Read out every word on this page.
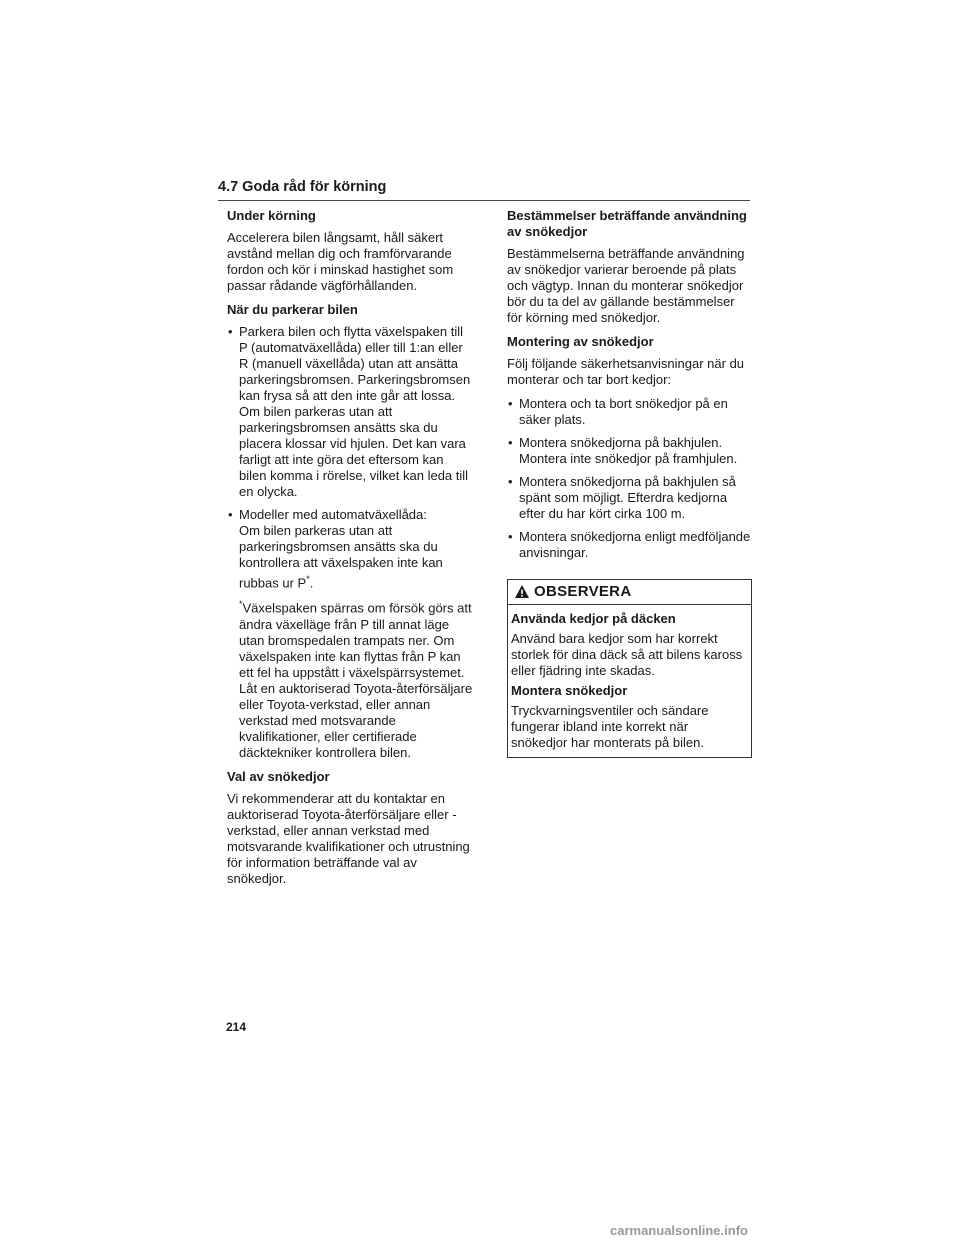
4.7 Goda råd för körning
Under körning
Accelerera bilen långsamt, håll säkert avstånd mellan dig och framförvarande fordon och kör i minskad hastighet som passar rådande vägförhållanden.
När du parkerar bilen
• Parkera bilen och flytta växelspaken till P (automatväxellåda) eller till 1:an eller R (manuell växellåda) utan att ansätta parkeringsbromsen. Parkeringsbromsen kan frysa så att den inte går att lossa. Om bilen parkeras utan att parkeringsbromsen ansätts ska du placera klossar vid hjulen. Det kan vara farligt att inte göra det eftersom kan bilen komma i rörelse, vilket kan leda till en olycka.
• Modeller med automatväxellåda:
Om bilen parkeras utan att parkeringsbromsen ansätts ska du kontrollera att växelspaken inte kan rubbas ur P*.
*Växelspaken spärras om försök görs att ändra växelläge från P till annat läge utan bromspedalen trampats ner. Om växelspaken inte kan flyttas från P kan ett fel ha uppstått i växelspärrsystemet. Låt en auktoriserad Toyota-återförsäljare eller Toyota-verkstad, eller annan verkstad med motsvarande kvalifikationer, eller certifierade däcktekniker kontrollera bilen.
Val av snökedjor
Vi rekommenderar att du kontaktar en auktoriserad Toyota-återförsäljare eller -verkstad, eller annan verkstad med motsvarande kvalifikationer och utrustning för information beträffande val av snökedjor.
Bestämmelser beträffande användning av snökedjor
Bestämmelserna beträffande användning av snökedjor varierar beroende på plats och vägtyp. Innan du monterar snökedjor bör du ta del av gällande bestämmelser för körning med snökedjor.
Montering av snökedjor
Följ följande säkerhetsanvisningar när du monterar och tar bort kedjor:
• Montera och ta bort snökedjor på en säker plats.
• Montera snökedjorna på bakhjulen. Montera inte snökedjor på framhjulen.
• Montera snökedjorna på bakhjulen så spänt som möjligt. Efterdra kedjorna efter du har kört cirka 100 m.
• Montera snökedjorna enligt medföljande anvisningar.
OBSERVERA
Använda kedjor på däcken
Använd bara kedjor som har korrekt storlek för dina däck så att bilens kaross eller fjädring inte skadas.
Montera snökedjor
Tryckvarningsventiler och sändare fungerar ibland inte korrekt när snökedjor har monterats på bilen.
214
carmanualsonline.info
